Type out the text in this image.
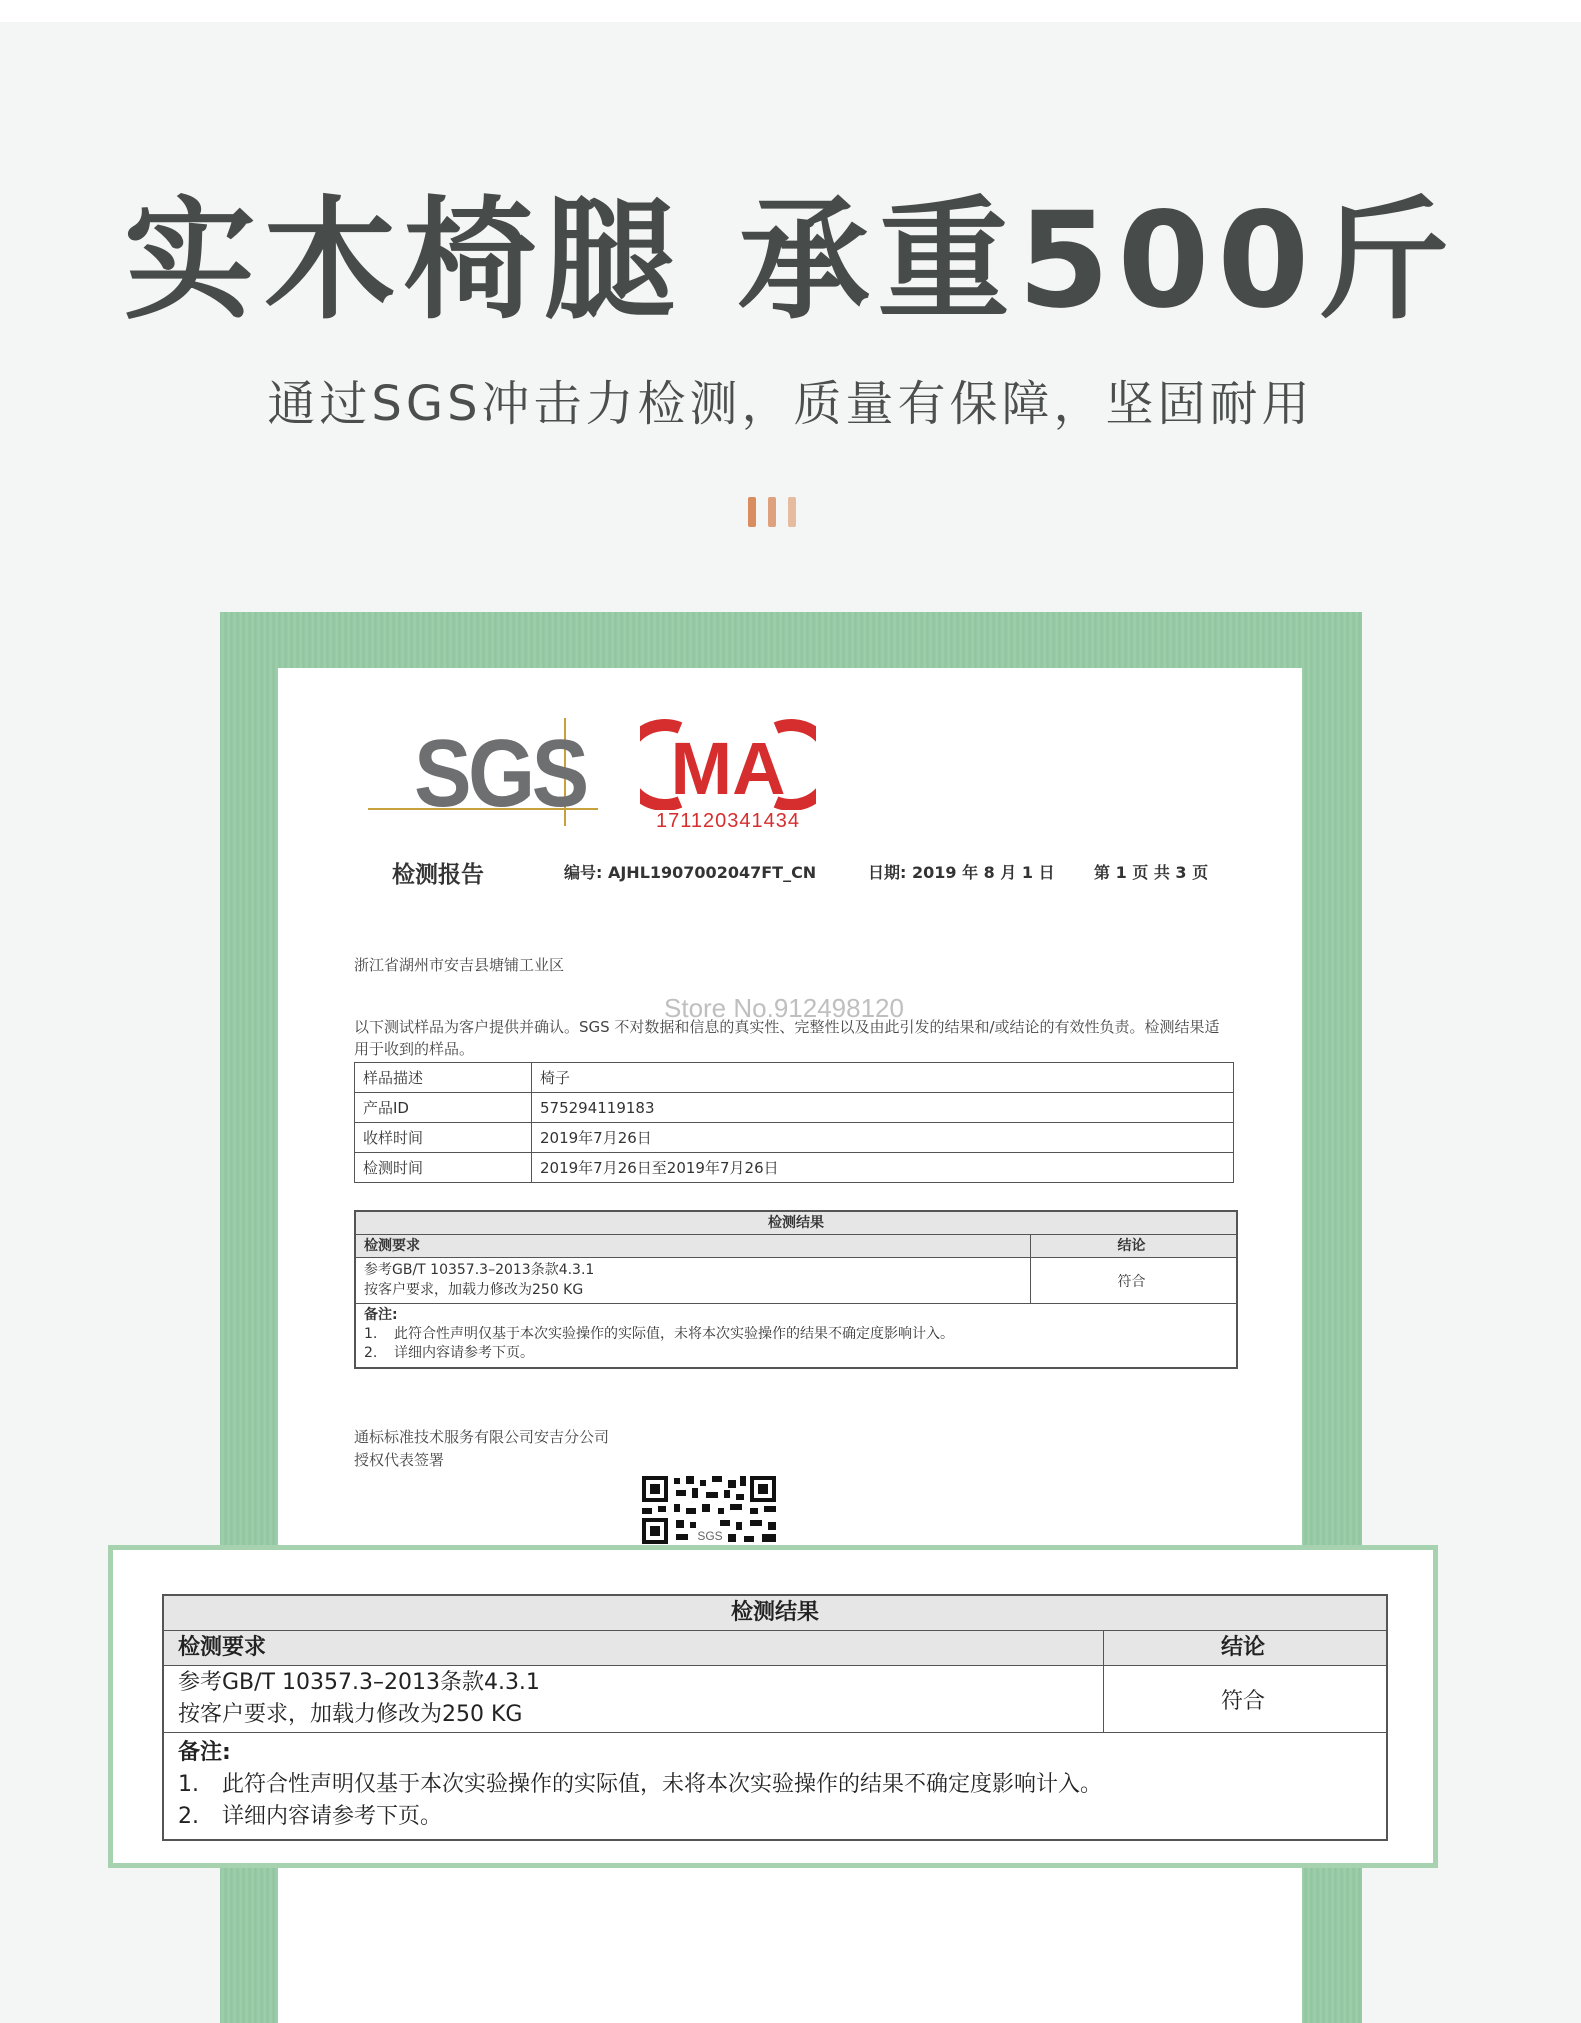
实木椅腿 承重500斤
通过SGS冲击力检测，质量有保障，坚固耐用
SGS MA
171120341434
检测报告	编号: AJHL1907002047FT_CN	日期: 2019 年 8 月 1 日 第 1 页 共 3 页
浙江省湖州市安吉县塘铺工业区
以下测试样品为客户提供并确认。SGS 不对数据和信息的真实性、完整性以及由此引发的结果和/或结论的有效性负责。检测结果适用于收到的样品。
Store No.912498120
样品描述	椅子
产品ID	575294119183
收样时间	2019年7月26日
检测时间	2019年7月26日至2019年7月26日
检测结果
检测要求	结论
参考GB/T 10357.3–2013条款4.3.1
按客户要求，加载力修改为250 KG
符合
备注:
1.	此符合性声明仅基于本次实验操作的实际值，未将本次实验操作的结果不确定度影响计入。
2.	详细内容请参考下页。
通标标准技术服务有限公司安吉分公司
授权代表签署
SGS
检测结果
检测要求	结论
参考GB/T 10357.3–2013条款4.3.1
按客户要求，加载力修改为250 KG
符合
备注:
1.	此符合性声明仅基于本次实验操作的实际值，未将本次实验操作的结果不确定度影响计入。
2.	详细内容请参考下页。
